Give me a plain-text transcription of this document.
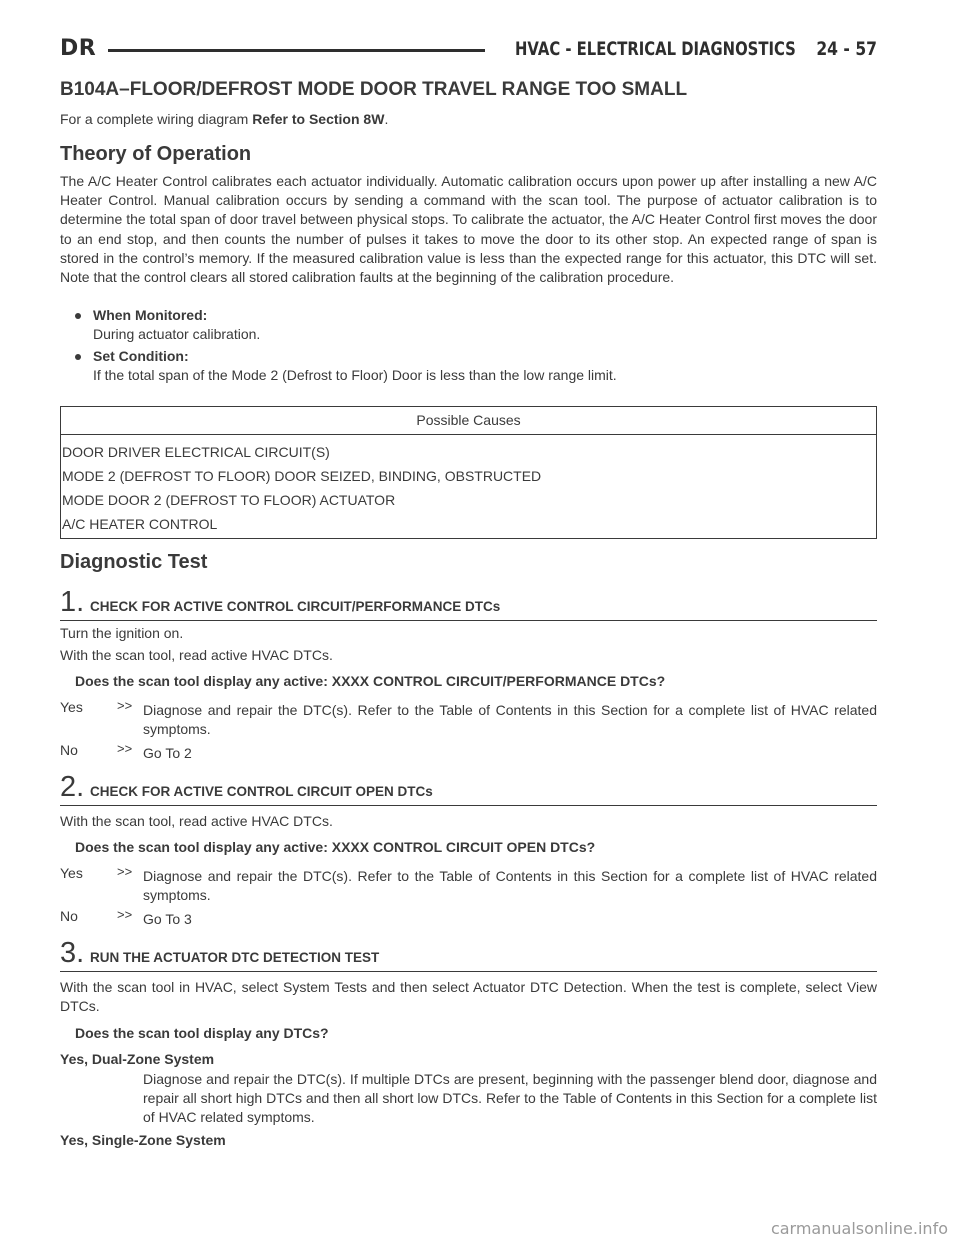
DR	HVAC - ELECTRICAL DIAGNOSTICS 24 - 57
B104A–FLOOR/DEFROST MODE DOOR TRAVEL RANGE TOO SMALL
For a complete wiring diagram Refer to Section 8W.
Theory of Operation
The A/C Heater Control calibrates each actuator individually. Automatic calibration occurs upon power up after installing a new A/C Heater Control. Manual calibration occurs by sending a command with the scan tool. The purpose of actuator calibration is to determine the total span of door travel between physical stops. To calibrate the actuator, the A/C Heater Control first moves the door to an end stop, and then counts the number of pulses it takes to move the door to its other stop. An expected range of span is stored in the control’s memory. If the measured calibration value is less than the expected range for this actuator, this DTC will set. Note that the control clears all stored calibration faults at the beginning of the calibration procedure.
When Monitored:
During actuator calibration.
Set Condition:
If the total span of the Mode 2 (Defrost to Floor) Door is less than the low range limit.
Possible Causes
DOOR DRIVER ELECTRICAL CIRCUIT(S)
MODE 2 (DEFROST TO FLOOR) DOOR SEIZED, BINDING, OBSTRUCTED
MODE DOOR 2 (DEFROST TO FLOOR) ACTUATOR
A/C HEATER CONTROL
Diagnostic Test
1. CHECK FOR ACTIVE CONTROL CIRCUIT/PERFORMANCE DTCs
Turn the ignition on.
With the scan tool, read active HVAC DTCs.
Does the scan tool display any active: XXXX CONTROL CIRCUIT/PERFORMANCE DTCs?
Yes	>> Diagnose and repair the DTC(s). Refer to the Table of Contents in this Section for a complete list of HVAC related symptoms.
No	>> Go To 2
2. CHECK FOR ACTIVE CONTROL CIRCUIT OPEN DTCs
With the scan tool, read active HVAC DTCs.
Does the scan tool display any active: XXXX CONTROL CIRCUIT OPEN DTCs?
Yes	>> Diagnose and repair the DTC(s). Refer to the Table of Contents in this Section for a complete list of HVAC related symptoms.
No	>> Go To 3
3. RUN THE ACTUATOR DTC DETECTION TEST
With the scan tool in HVAC, select System Tests and then select Actuator DTC Detection. When the test is complete, select View DTCs.
Does the scan tool display any DTCs?
Yes, Dual-Zone System
Diagnose and repair the DTC(s). If multiple DTCs are present, beginning with the passenger blend door, diagnose and repair all short high DTCs and then all short low DTCs. Refer to the Table of Contents in this Section for a complete list of HVAC related symptoms.
Yes, Single-Zone System
carmanualsonline.info
